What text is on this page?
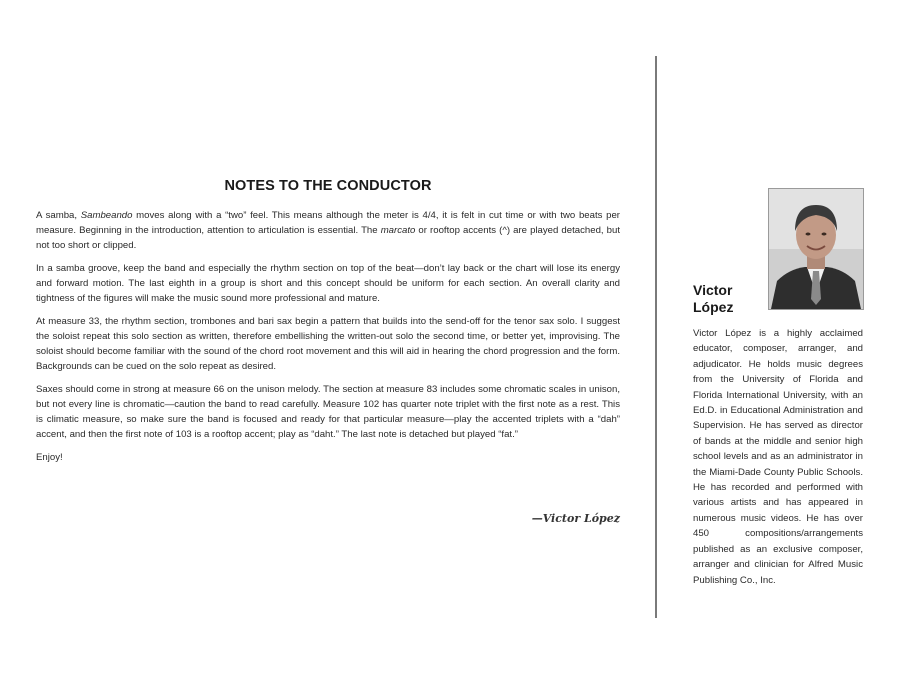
NOTES TO THE CONDUCTOR

A samba, Sambeando moves along with a “two” feel. This means although the meter is 4/4, it is felt in cut time or with two beats per measure. Beginning in the introduction, attention to articulation is essential. The marcato or rooftop accents (^) are played detached, but not too short or clipped.

In a samba groove, keep the band and especially the rhythm section on top of the beat—don’t lay back or the chart will lose its energy and forward motion. The last eighth in a group is short and this concept should be uniform for each section. An overall clarity and tightness of the figures will make the music sound more professional and mature.

At measure 33, the rhythm section, trombones and bari sax begin a pattern that builds into the send-off for the tenor sax solo. I suggest the soloist repeat this solo section as written, therefore embellishing the written-out solo the second time, or better yet, improvising. The soloist should become familiar with the sound of the chord root movement and this will aid in hearing the chord progression and the form. Backgrounds can be cued on the solo repeat as desired.

Saxes should come in strong at measure 66 on the unison melody. The section at measure 83 includes some chromatic scales in unison, but not every line is chromatic—caution the band to read carefully. Measure 102 has quarter note triplet with the first note as a rest. This is climatic measure, so make sure the band is focused and ready for that particular measure—play the accented triplets with a “dah” accent, and then the first note of 103 is a rooftop accent; play as “daht.” The last note is detached but played “fat.”

Enjoy!

—Victor López
Victor
López
Victor López is a highly acclaimed educator, composer, arranger, and adjudicator. He holds music degrees from the University of Florida and Florida International University, with an Ed.D. in Educational Administration and Supervision. He has served as director of bands at the middle and senior high school levels and as an administrator in the Miami-Dade County Public Schools. He has recorded and performed with various artists and has appeared in numerous music videos. He has over 450 compositions/arrangements published as an exclusive composer, arranger and clinician for Alfred Music Publishing Co., Inc.
